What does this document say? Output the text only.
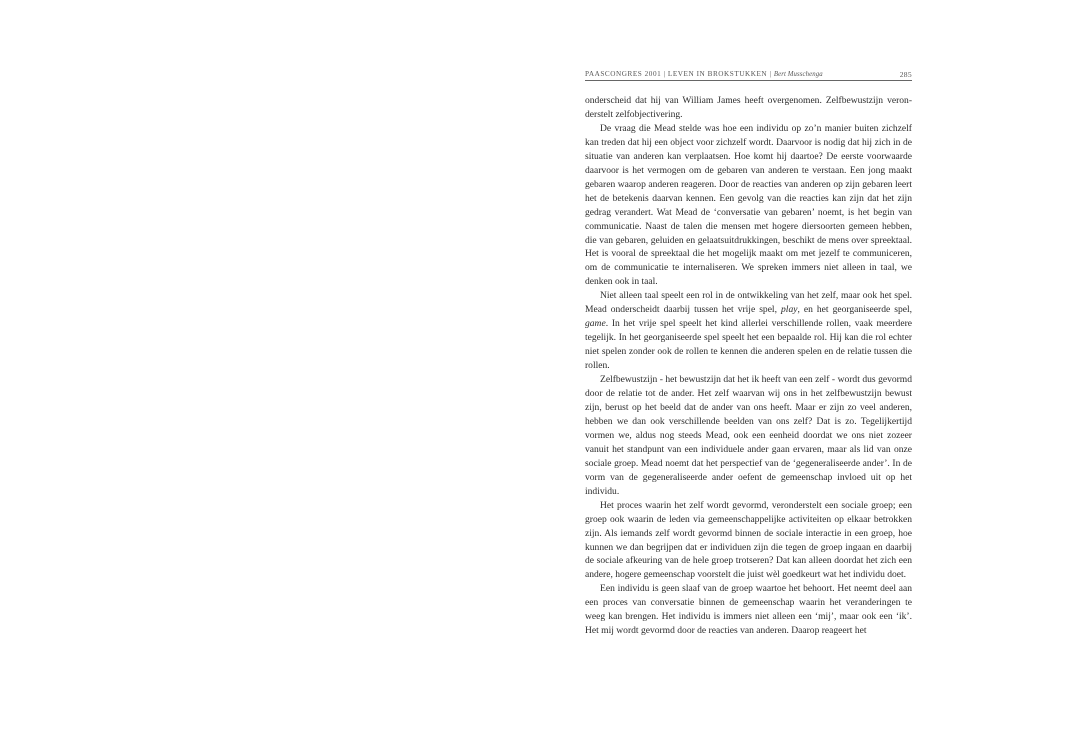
PAASCONGRES 2001 | LEVEN IN BROKSTUKKEN | Bert Musschenga	285

onderscheid dat hij van William James heeft overgenomen. Zelfbewustzijn veronderstelt zelfobjectivering.

De vraag die Mead stelde was hoe een individu op zo’n manier buiten zichzelf kan treden dat hij een object voor zichzelf wordt. Daarvoor is nodig dat hij zich in de situatie van anderen kan verplaatsen. Hoe komt hij daartoe? De eerste voorwaarde daarvoor is het vermogen om de gebaren van anderen te verstaan. Een jong maakt gebaren waarop anderen reageren. Door de reacties van anderen op zijn gebaren leert het de betekenis daarvan kennen. Een gevolg van die reacties kan zijn dat het zijn gedrag verandert. Wat Mead de ‘conversatie van gebaren’ noemt, is het begin van communicatie. Naast de talen die mensen met hogere diersoorten gemeen hebben, die van gebaren, geluiden en gelaatsuitdrukkingen, beschikt de mens over spreektaal. Het is vooral de spreektaal die het mogelijk maakt om met jezelf te communiceren, om de communicatie te internaliseren. We spreken immers niet alleen in taal, we denken ook in taal.

Niet alleen taal speelt een rol in de ontwikkeling van het zelf, maar ook het spel. Mead onderscheidt daarbij tussen het vrije spel, play, en het georganiseerde spel, game. In het vrije spel speelt het kind allerlei verschillende rollen, vaak meerdere tegelijk. In het georganiseerde spel speelt het een bepaalde rol. Hij kan die rol echter niet spelen zonder ook de rollen te kennen die anderen spelen en de relatie tussen die rollen.

Zelfbewustzijn - het bewustzijn dat het ik heeft van een zelf - wordt dus gevormd door de relatie tot de ander. Het zelf waarvan wij ons in het zelfbewustzijn bewust zijn, berust op het beeld dat de ander van ons heeft. Maar er zijn zo veel anderen, hebben we dan ook verschillende beelden van ons zelf? Dat is zo. Tegelijkertijd vormen we, aldus nog steeds Mead, ook een eenheid doordat we ons niet zozeer vanuit het standpunt van een individuele ander gaan ervaren, maar als lid van onze sociale groep. Mead noemt dat het perspectief van de ‘gegeneraliseerde ander’. In de vorm van de gegeneraliseerde ander oefent de gemeenschap invloed uit op het individu.

Het proces waarin het zelf wordt gevormd, veronderstelt een sociale groep; een groep ook waarin de leden via gemeenschappelijke activiteiten op elkaar betrokken zijn. Als iemands zelf wordt gevormd binnen de sociale interactie in een groep, hoe kunnen we dan begrijpen dat er individuen zijn die tegen de groep ingaan en daarbij de sociale afkeuring van de hele groep trotseren? Dat kan alleen doordat het zich een andere, hogere gemeenschap voorstelt die juist wèl goedkeurt wat het individu doet.

Een individu is geen slaaf van de groep waartoe het behoort. Het neemt deel aan een proces van conversatie binnen de gemeenschap waarin het veranderingen te weeg kan brengen. Het individu is immers niet alleen een ‘mij’, maar ook een ‘ik’. Het mij wordt gevormd door de reacties van anderen. Daarop reageert het
